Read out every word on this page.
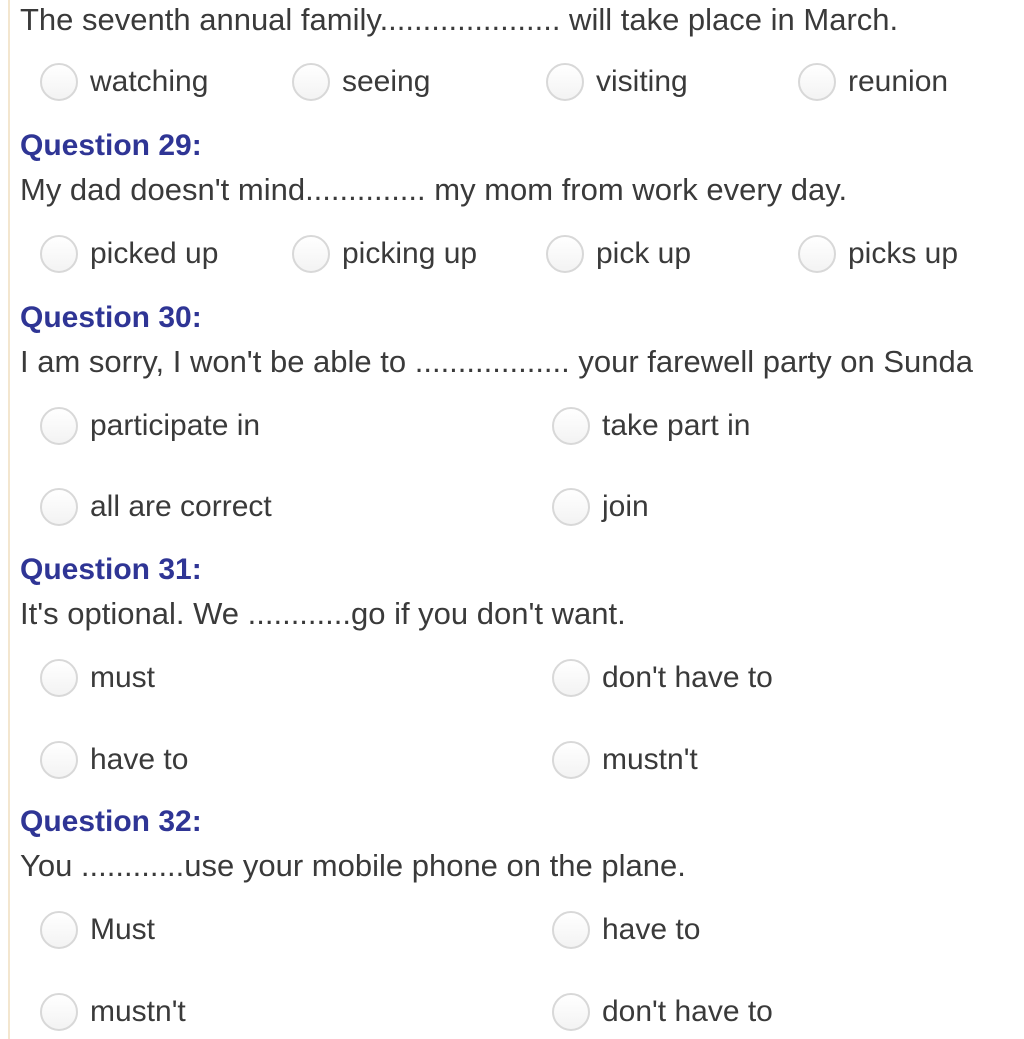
The seventh annual family..................... will take place in March.
watching	seeing	visiting	reunion
Question 29:
My dad doesn't mind.............. my mom from work every day.
picked up	picking up	pick up	picks up
Question 30:
I am sorry, I won't be able to .................. your farewell party on Sunda
participate in	take part in
all are correct	join
Question 31:
It's optional. We ............go if you don't want.
must	don't have to
have to	mustn't
Question 32:
You ............use your mobile phone on the plane.
Must	have to
mustn't	don't have to
